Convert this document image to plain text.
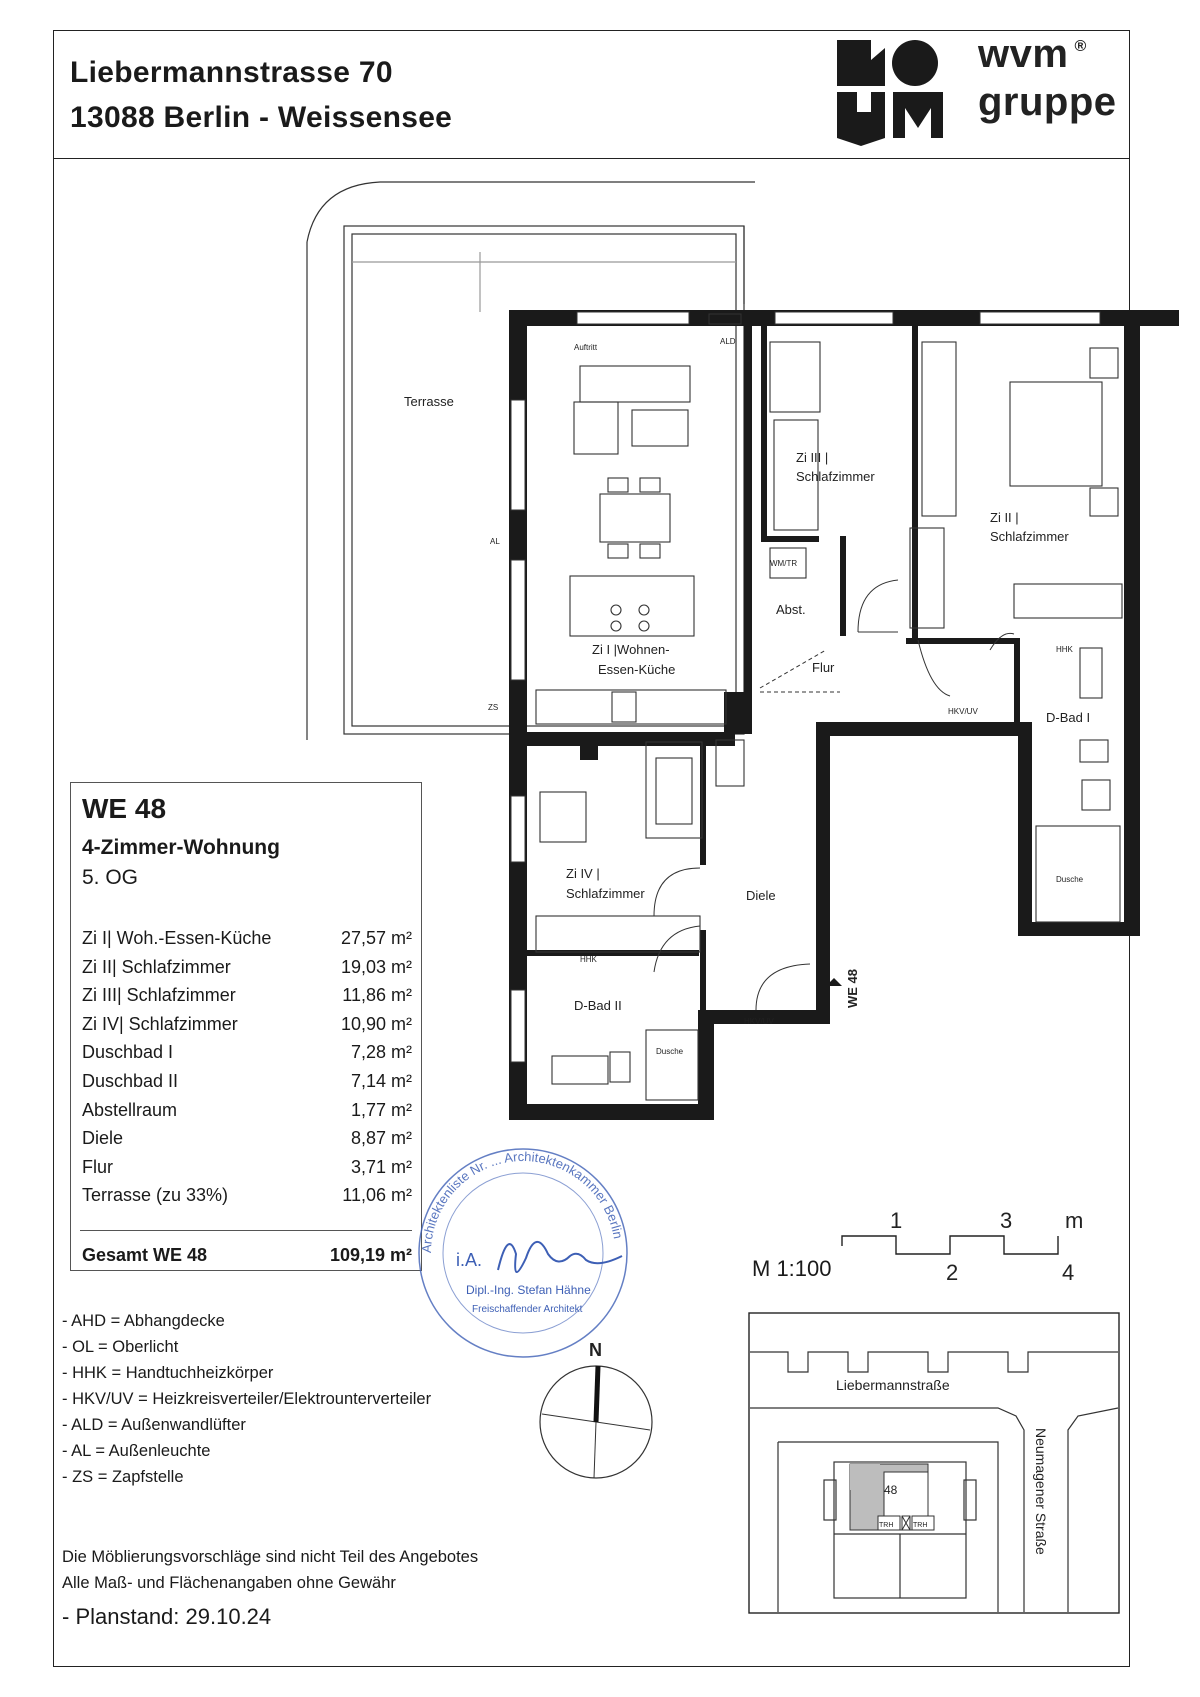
Liebermannstrasse 70
13088 Berlin - Weissensee
wvm ®
gruppe
Terrasse
Zi I |Wohnen-
Essen-Küche
Zi II |
Schlafzimmer
Zi III |
Schlafzimmer
Zi IV |
Schlafzimmer
Abst.
Flur
Diele
D-Bad I
D-Bad II
Dusche
Dusche
HKV/UV
HKV/UV
HHK
HHK
ALD
AL
ZS
Auftritt
WM/TR
WE 48
WE 48
4-Zimmer-Wohnung
5. OG
Zi I| Woh.-Essen-Küche	27,57 m²
Zi II| Schlafzimmer	19,03 m²
Zi III| Schlafzimmer	11,86 m²
Zi IV| Schlafzimmer	10,90 m²
Duschbad I	7,28 m²
Duschbad II	7,14 m²
Abstellraum	1,77 m²
Diele	8,87 m²
Flur	3,71 m²
Terrasse (zu 33%)	11,06 m²
Gesamt WE 48	109,19 m² Architektenliste Nr. ... Architektenkammer Berlin
i.A.
Dipl.-Ing. Stefan Hähne
Freischaffender Architekt
M 1:100
1	3 m
2	4
N
Liebermannstraße
Neumagener Straße
48
TRH	TRH
- AHD = Abhangdecke
- OL = Oberlicht
- HHK = Handtuchheizkörper
- HKV/UV = Heizkreisverteiler/Elektrounterverteiler
- ALD = Außenwandlüfter
- AL = Außenleuchte
- ZS = Zapfstelle
Die Möblierungsvorschläge sind nicht Teil des Angebotes
Alle Maß- und Flächenangaben ohne Gewähr
- Planstand: 29.10.24
